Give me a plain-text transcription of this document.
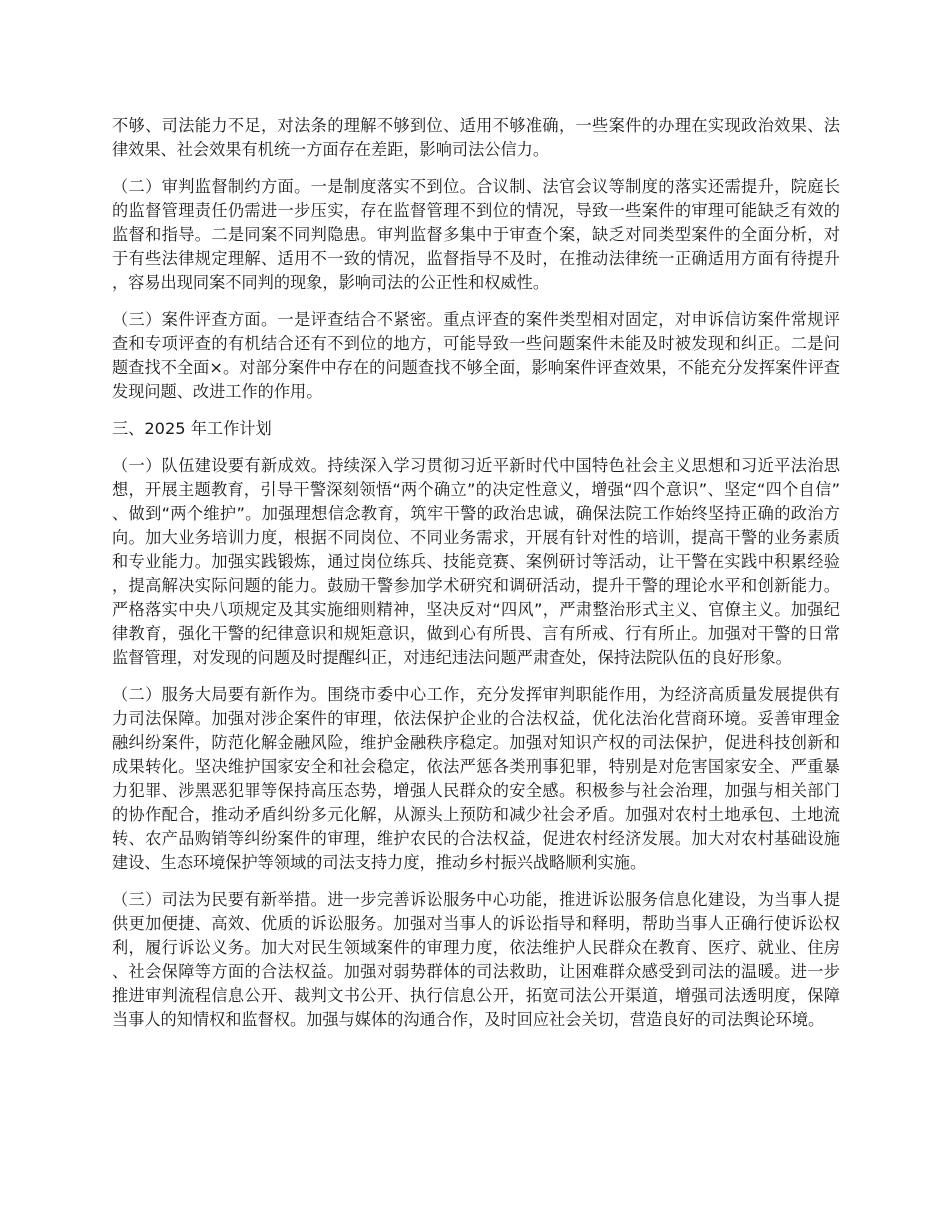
不够、司法能力不足，对法条的理解不够到位、适用不够准确，一些案件的办理在实现政治效果、法律效果、社会效果有机统一方面存在差距，影响司法公信力。

（二）审判监督制约方面。一是制度落实不到位。合议制、法官会议等制度的落实还需提升，院庭长的监督管理责任仍需进一步压实，存在监督管理不到位的情况，导致一些案件的审理可能缺乏有效的监督和指导。二是同案不同判隐患。审判监督多集中于审查个案，缺乏对同类型案件的全面分析，对于有些法律规定理解、适用不一致的情况，监督指导不及时，在推动法律统一正确适用方面有待提升，容易出现同案不同判的现象，影响司法的公正性和权威性。

（三）案件评查方面。一是评查结合不紧密。重点评查的案件类型相对固定，对申诉信访案件常规评查和专项评查的有机结合还有不到位的地方，可能导致一些问题案件未能及时被发现和纠正。二是问题查找不全面×。对部分案件中存在的问题查找不够全面，影响案件评查效果，不能充分发挥案件评查发现问题、改进工作的作用。

三、2025 年工作计划

（一）队伍建设要有新成效。持续深入学习贯彻习近平新时代中国特色社会主义思想和习近平法治思想，开展主题教育，引导干警深刻领悟“两个确立”的决定性意义，增强“四个意识”、坚定“四个自信”、做到“两个维护”。加强理想信念教育，筑牢干警的政治忠诚，确保法院工作始终坚持正确的政治方向。加大业务培训力度，根据不同岗位、不同业务需求，开展有针对性的培训，提高干警的业务素质和专业能力。加强实践锻炼，通过岗位练兵、技能竞赛、案例研讨等活动，让干警在实践中积累经验，提高解决实际问题的能力。鼓励干警参加学术研究和调研活动，提升干警的理论水平和创新能力。严格落实中央八项规定及其实施细则精神，坚决反对“四风”，严肃整治形式主义、官僚主义。加强纪律教育，强化干警的纪律意识和规矩意识，做到心有所畏、言有所戒、行有所止。加强对干警的日常监督管理，对发现的问题及时提醒纠正，对违纪违法问题严肃查处，保持法院队伍的良好形象。

（二）服务大局要有新作为。围绕市委中心工作，充分发挥审判职能作用，为经济高质量发展提供有力司法保障。加强对涉企案件的审理，依法保护企业的合法权益，优化法治化营商环境。妥善审理金融纠纷案件，防范化解金融风险，维护金融秩序稳定。加强对知识产权的司法保护，促进科技创新和成果转化。坚决维护国家安全和社会稳定，依法严惩各类刑事犯罪，特别是对危害国家安全、严重暴力犯罪、涉黑恶犯罪等保持高压态势，增强人民群众的安全感。积极参与社会治理，加强与相关部门的协作配合，推动矛盾纠纷多元化解，从源头上预防和减少社会矛盾。加强对农村土地承包、土地流转、农产品购销等纠纷案件的审理，维护农民的合法权益，促进农村经济发展。加大对农村基础设施建设、生态环境保护等领域的司法支持力度，推动乡村振兴战略顺利实施。

（三）司法为民要有新举措。进一步完善诉讼服务中心功能，推进诉讼服务信息化建设，为当事人提供更加便捷、高效、优质的诉讼服务。加强对当事人的诉讼指导和释明，帮助当事人正确行使诉讼权利，履行诉讼义务。加大对民生领域案件的审理力度，依法维护人民群众在教育、医疗、就业、住房、社会保障等方面的合法权益。加强对弱势群体的司法救助，让困难群众感受到司法的温暖。进一步推进审判流程信息公开、裁判文书公开、执行信息公开，拓宽司法公开渠道，增强司法透明度，保障当事人的知情权和监督权。加强与媒体的沟通合作，及时回应社会关切，营造良好的司法舆论环境。
